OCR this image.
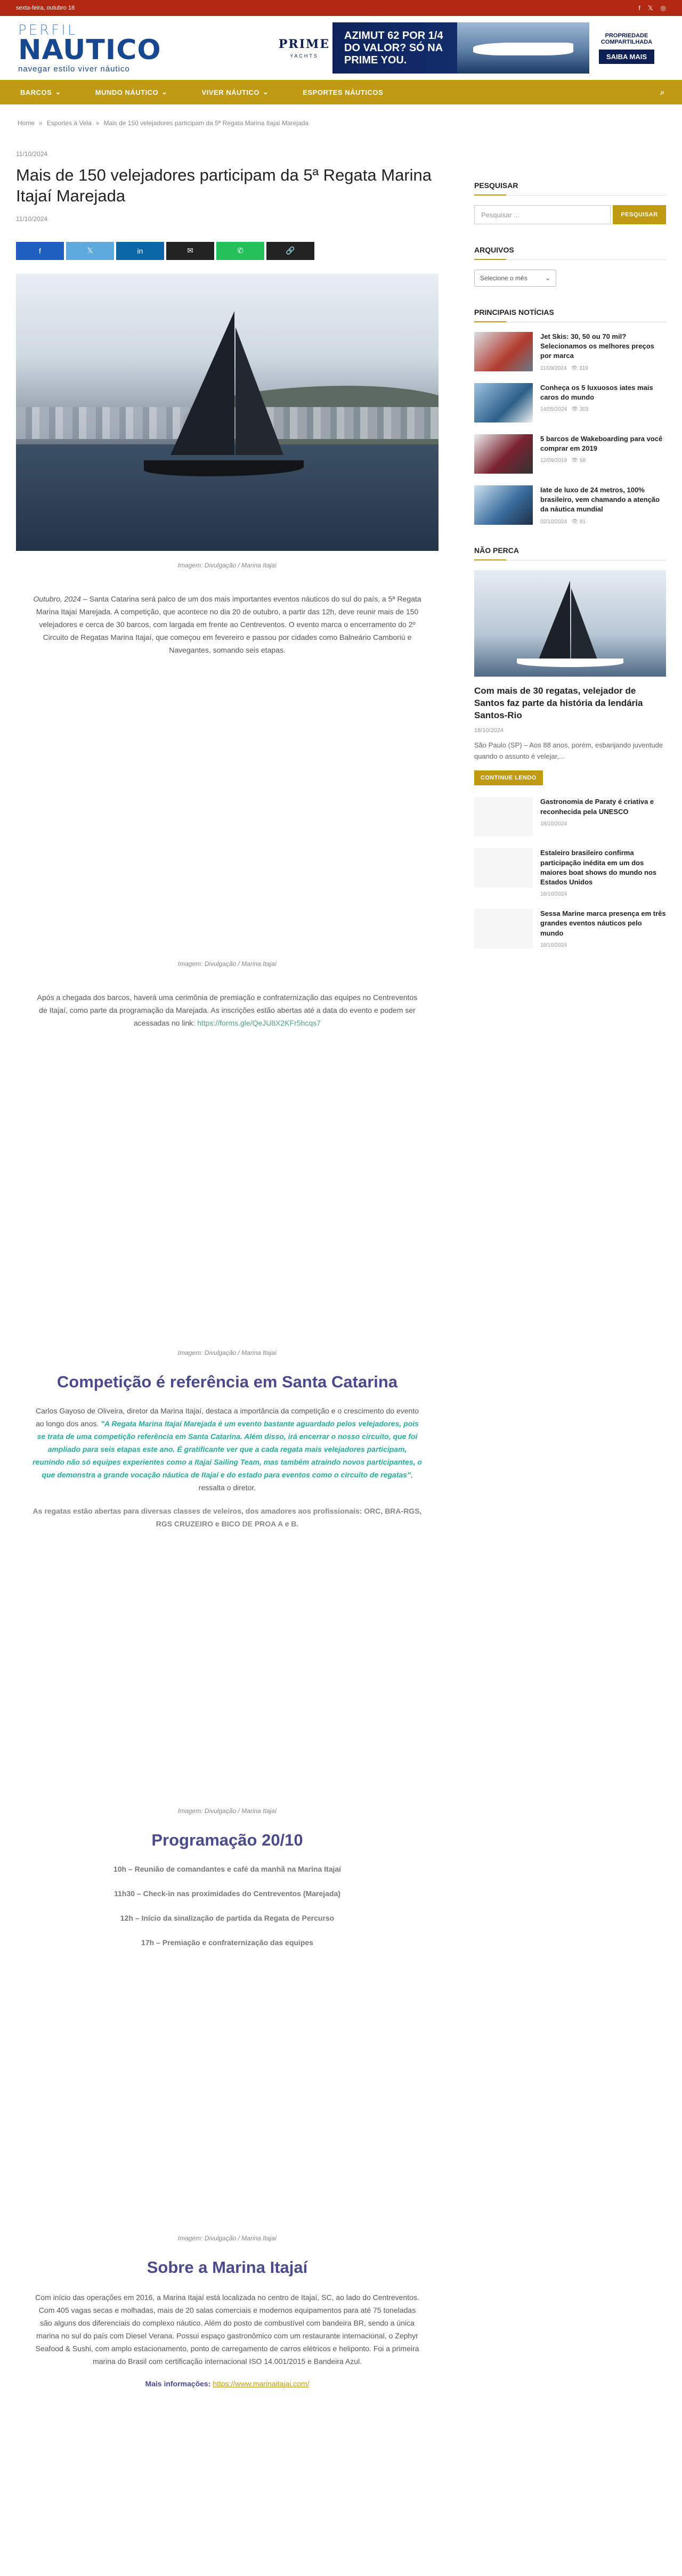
sexta-feira, outubro 18	f 𝕏 ◎
PERFIL
NAUTICO
navegar estilo viver náutico
PRIME
YACHTS
AZIMUT 62 POR 1/4 DO VALOR? SÓ NA PRIME YOU.
PROPRIEDADE COMPARTILHADA
SAIBA MAIS
BARCOS ⌄	MUNDO NÁUTICO ⌄	VIVER NÁUTICO ⌄	ESPORTES NÁUTICOS	⌕
Home » Esportes à Vela » Mais de 150 velejadores participam da 5ª Regata Marina Itajaí Marejada
11/10/2024
Mais de 150 velejadores participam da 5ª Regata Marina Itajaí Marejada
11/10/2024
f	𝕏	in	✉	✆	🔗
Imagem: Divulgação / Marina Itajaí

Outubro, 2024 – Santa Catarina será palco de um dos mais importantes eventos náuticos do sul do país, a 5ª Regata Marina Itajaí Marejada. A competição, que acontece no dia 20 de outubro, a partir das 12h, deve reunir mais de 150 velejadores e cerca de 30 barcos, com largada em frente ao Centreventos. O evento marca o encerramento do 2º Circuito de Regatas Marina Itajaí, que começou em fevereiro e passou por cidades como Balneário Camboriú e Navegantes, somando seis etapas.

Imagem: Divulgação / Marina Itajaí

Após a chegada dos barcos, haverá uma cerimônia de premiação e confraternização das equipes no Centreventos de Itajaí, como parte da programação da Marejada. As inscrições estão abertas até a data do evento e podem ser acessadas no link: https://forms.gle/QeJU8X2KFr5hcqs7

Imagem: Divulgação / Marina Itajaí
Competição é referência em Santa Catarina

Carlos Gayoso de Oliveira, diretor da Marina Itajaí, destaca a importância da competição e o crescimento do evento ao longo dos anos. "A Regata Marina Itajaí Marejada é um evento bastante aguardado pelos velejadores, pois se trata de uma competição referência em Santa Catarina. Além disso, irá encerrar o nosso circuito, que foi ampliado para seis etapas este ano. É gratificante ver que a cada regata mais velejadores participam, reunindo não só equipes experientes como a Itajaí Sailing Team, mas também atraindo novos participantes, o que demonstra a grande vocação náutica de Itajaí e do estado para eventos como o circuito de regatas", ressalta o diretor.

As regatas estão abertas para diversas classes de veleiros, dos amadores aos profissionais: ORC, BRA-RGS, RGS CRUZEIRO e BICO DE PROA A e B.

Imagem: Divulgação / Marina Itajaí
Programação 20/10
10h – Reunião de comandantes e café da manhã na Marina Itajaí
11h30 – Check-in nas proximidades do Centreventos (Marejada)
12h – Início da sinalização de partida da Regata de Percurso
17h – Premiação e confraternização das equipes
Imagem: Divulgação / Marina Itajaí
Sobre a Marina Itajaí

Com início das operações em 2016, a Marina Itajaí está localizada no centro de Itajaí, SC, ao lado do Centreventos. Com 405 vagas secas e molhadas, mais de 20 salas comerciais e modernos equipamentos para até 75 toneladas são alguns dos diferenciais do complexo náutico. Além do posto de combustível com bandeira BR, sendo a única marina no sul do país com Diesel Verana. Possui espaço gastronômico com um restaurante internacional, o Zephyr Seafood & Sushi, com amplo estacionamento, ponto de carregamento de carros elétricos e heliponto. Foi a primeira marina do Brasil com certificação internacional ISO 14.001/2015 e Bandeira Azul.

Mais informações: https://www.marinaitajai.com/

PESQUISAR
Pesquisar ...	PESQUISAR
ARQUIVOS
Selecione o mês	⌄
PRINCIPAIS NOTÍCIAS
Jet Skis: 30, 50 ou 70 mil? Selecionamos os melhores preços por marca
11/09/2024 👁 319
Conheça os 5 luxuosos iates mais caros do mundo
14/05/2024 👁 303
5 barcos de Wakeboarding para você comprar em 2019
12/09/2019 👁 58
Iate de luxo de 24 metros, 100% brasileiro, vem chamando a atenção da náutica mundial
02/10/2024 👁 81
NÃO PERCA
Com mais de 30 regatas, velejador de Santos faz parte da história da lendária Santos-Rio
18/10/2024
São Paulo (SP) – Aos 88 anos, porém, esbanjando juventude quando o assunto é velejar,...
CONTINUE LENDO
Gastronomia de Paraty é criativa e reconhecida pela UNESCO
18/10/2024
Estaleiro brasileiro confirma participação inédita em um dos maiores boat shows do mundo nos Estados Unidos
18/10/2024
Sessa Marine marca presença em três grandes eventos náuticos pelo mundo
18/10/2024
